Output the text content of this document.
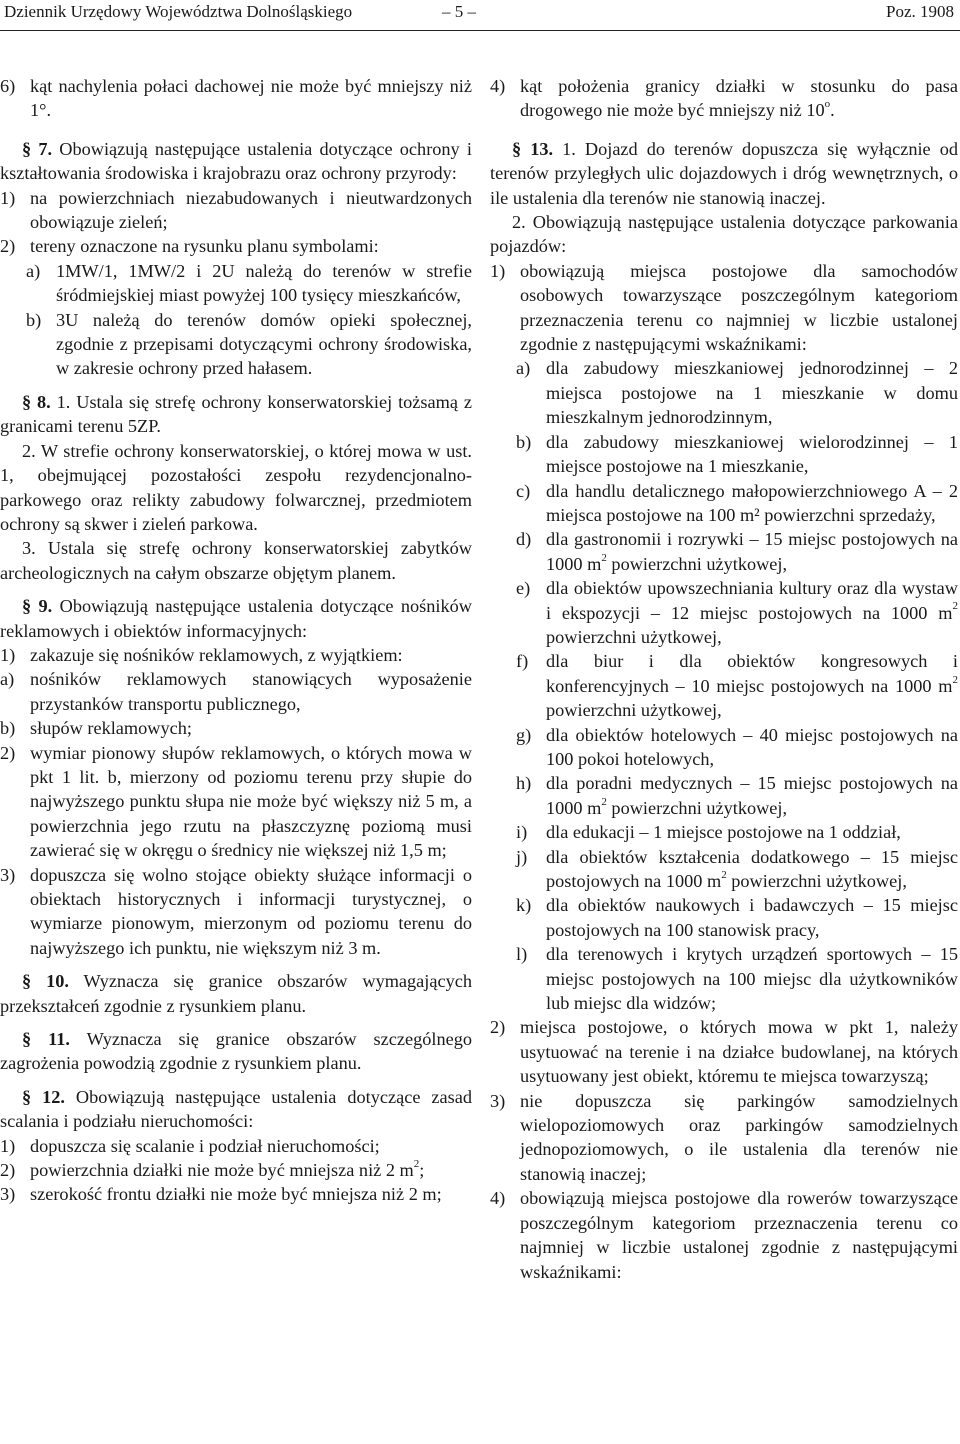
Dziennik Urzędowy Województwa Dolnośląskiego	– 5 –	Poz. 1908
6) kąt nachylenia połaci dachowej nie może być mniejszy niż 1°.

§ 7. Obowiązują następujące ustalenia dotyczące ochrony i kształtowania środowiska i krajobrazu oraz ochrony przyrody:

1) na powierzchniach niezabudowanych i nieutwardzonych obowiązuje zieleń;
2) tereny oznaczone na rysunku planu symbolami:
a) 1MW/1, 1MW/2 i 2U należą do terenów w strefie śródmiejskiej miast powyżej 100 tysięcy mieszkańców,
b) 3U należą do terenów domów opieki społecznej, zgodnie z przepisami dotyczącymi ochrony środowiska, w zakresie ochrony przed hałasem.

§ 8. 1. Ustala się strefę ochrony konserwatorskiej tożsamą z granicami terenu 5ZP.

2. W strefie ochrony konserwatorskiej, o której mowa w ust. 1, obejmującej pozostałości zespołu rezydencjonalno-parkowego oraz relikty zabudowy folwarcznej, przedmiotem ochrony są skwer i zieleń parkowa.

3. Ustala się strefę ochrony konserwatorskiej zabytków archeologicznych na całym obszarze objętym planem.

§ 9. Obowiązują następujące ustalenia dotyczące nośników reklamowych i obiektów informacyjnych:

1) zakazuje się nośników reklamowych, z wyjątkiem:
a) nośników reklamowych stanowiących wyposażenie przystanków transportu publicznego,
b) słupów reklamowych;
2) wymiar pionowy słupów reklamowych, o których mowa w pkt 1 lit. b, mierzony od poziomu terenu przy słupie do najwyższego punktu słupa nie może być większy niż 5 m, a powierzchnia jego rzutu na płaszczyznę poziomą musi zawierać się w okręgu o średnicy nie większej niż 1,5 m;
3) dopuszcza się wolno stojące obiekty służące informacji o obiektach historycznych i informacji turystycznej, o wymiarze pionowym, mierzonym od poziomu terenu do najwyższego ich punktu, nie większym niż 3 m.

§ 10. Wyznacza się granice obszarów wymagających przekształceń zgodnie z rysunkiem planu.

§ 11. Wyznacza się granice obszarów szczególnego zagrożenia powodzią zgodnie z rysunkiem planu.

§ 12. Obowiązują następujące ustalenia dotyczące zasad scalania i podziału nieruchomości:

1) dopuszcza się scalanie i podział nieruchomości;
2) powierzchnia działki nie może być mniejsza niż 2 $m^2$;
3) szerokość frontu działki nie może być mniejsza niż 2 m;
4) kąt położenia granicy działki w stosunku do pasa drogowego nie może być mniejszy niż 10$^o$.

§ 13. 1. Dojazd do terenów dopuszcza się wyłącznie od terenów przyległych ulic dojazdowych i dróg wewnętrznych, o ile ustalenia dla terenów nie stanowią inaczej.

2. Obowiązują następujące ustalenia dotyczące parkowania pojazdów:

1) obowiązują miejsca postojowe dla samochodów osobowych towarzyszące poszczególnym kategoriom przeznaczenia terenu co najmniej w liczbie ustalonej zgodnie z następującymi wskaźnikami:
a) dla zabudowy mieszkaniowej jednorodzinnej – 2 miejsca postojowe na 1 mieszkanie w domu mieszkalnym jednorodzinnym,
b) dla zabudowy mieszkaniowej wielorodzinnej – 1 miejsce postojowe na 1 mieszkanie,
c) dla handlu detalicznego małopowierzchniowego A – 2 miejsca postojowe na 100 m² powierzchni sprzedaży,
d) dla gastronomii i rozrywki – 15 miejsc postojowych na 1000 $m^2$ powierzchni użytkowej,
e) dla obiektów upowszechniania kultury oraz dla wystaw i ekspozycji – 12 miejsc postojowych na 1000 $m^2$ powierzchni użytkowej,
f) dla biur i dla obiektów kongresowych i konferencyjnych – 10 miejsc postojowych na 1000 $m^2$ powierzchni użytkowej,
g) dla obiektów hotelowych – 40 miejsc postojowych na 100 pokoi hotelowych,
h) dla poradni medycznych – 15 miejsc postojowych na 1000 $m^2$ powierzchni użytkowej,
i) dla edukacji – 1 miejsce postojowe na 1 oddział,
j) dla obiektów kształcenia dodatkowego – 15 miejsc postojowych na 1000 $m^2$ powierzchni użytkowej,
k) dla obiektów naukowych i badawczych – 15 miejsc postojowych na 100 stanowisk pracy,
l) dla terenowych i krytych urządzeń sportowych – 15 miejsc postojowych na 100 miejsc dla użytkowników lub miejsc dla widzów;
2) miejsca postojowe, o których mowa w pkt 1, należy usytuować na terenie i na działce budowlanej, na których usytuowany jest obiekt, któremu te miejsca towarzyszą;
3) nie dopuszcza się parkingów samodzielnych wielopoziomowych oraz parkingów samodzielnych jednopoziomowych, o ile ustalenia dla terenów nie stanowią inaczej;
4) obowiązują miejsca postojowe dla rowerów towarzyszące poszczególnym kategoriom przeznaczenia terenu co najmniej w liczbie ustalonej zgodnie z następującymi wskaźnikami:
